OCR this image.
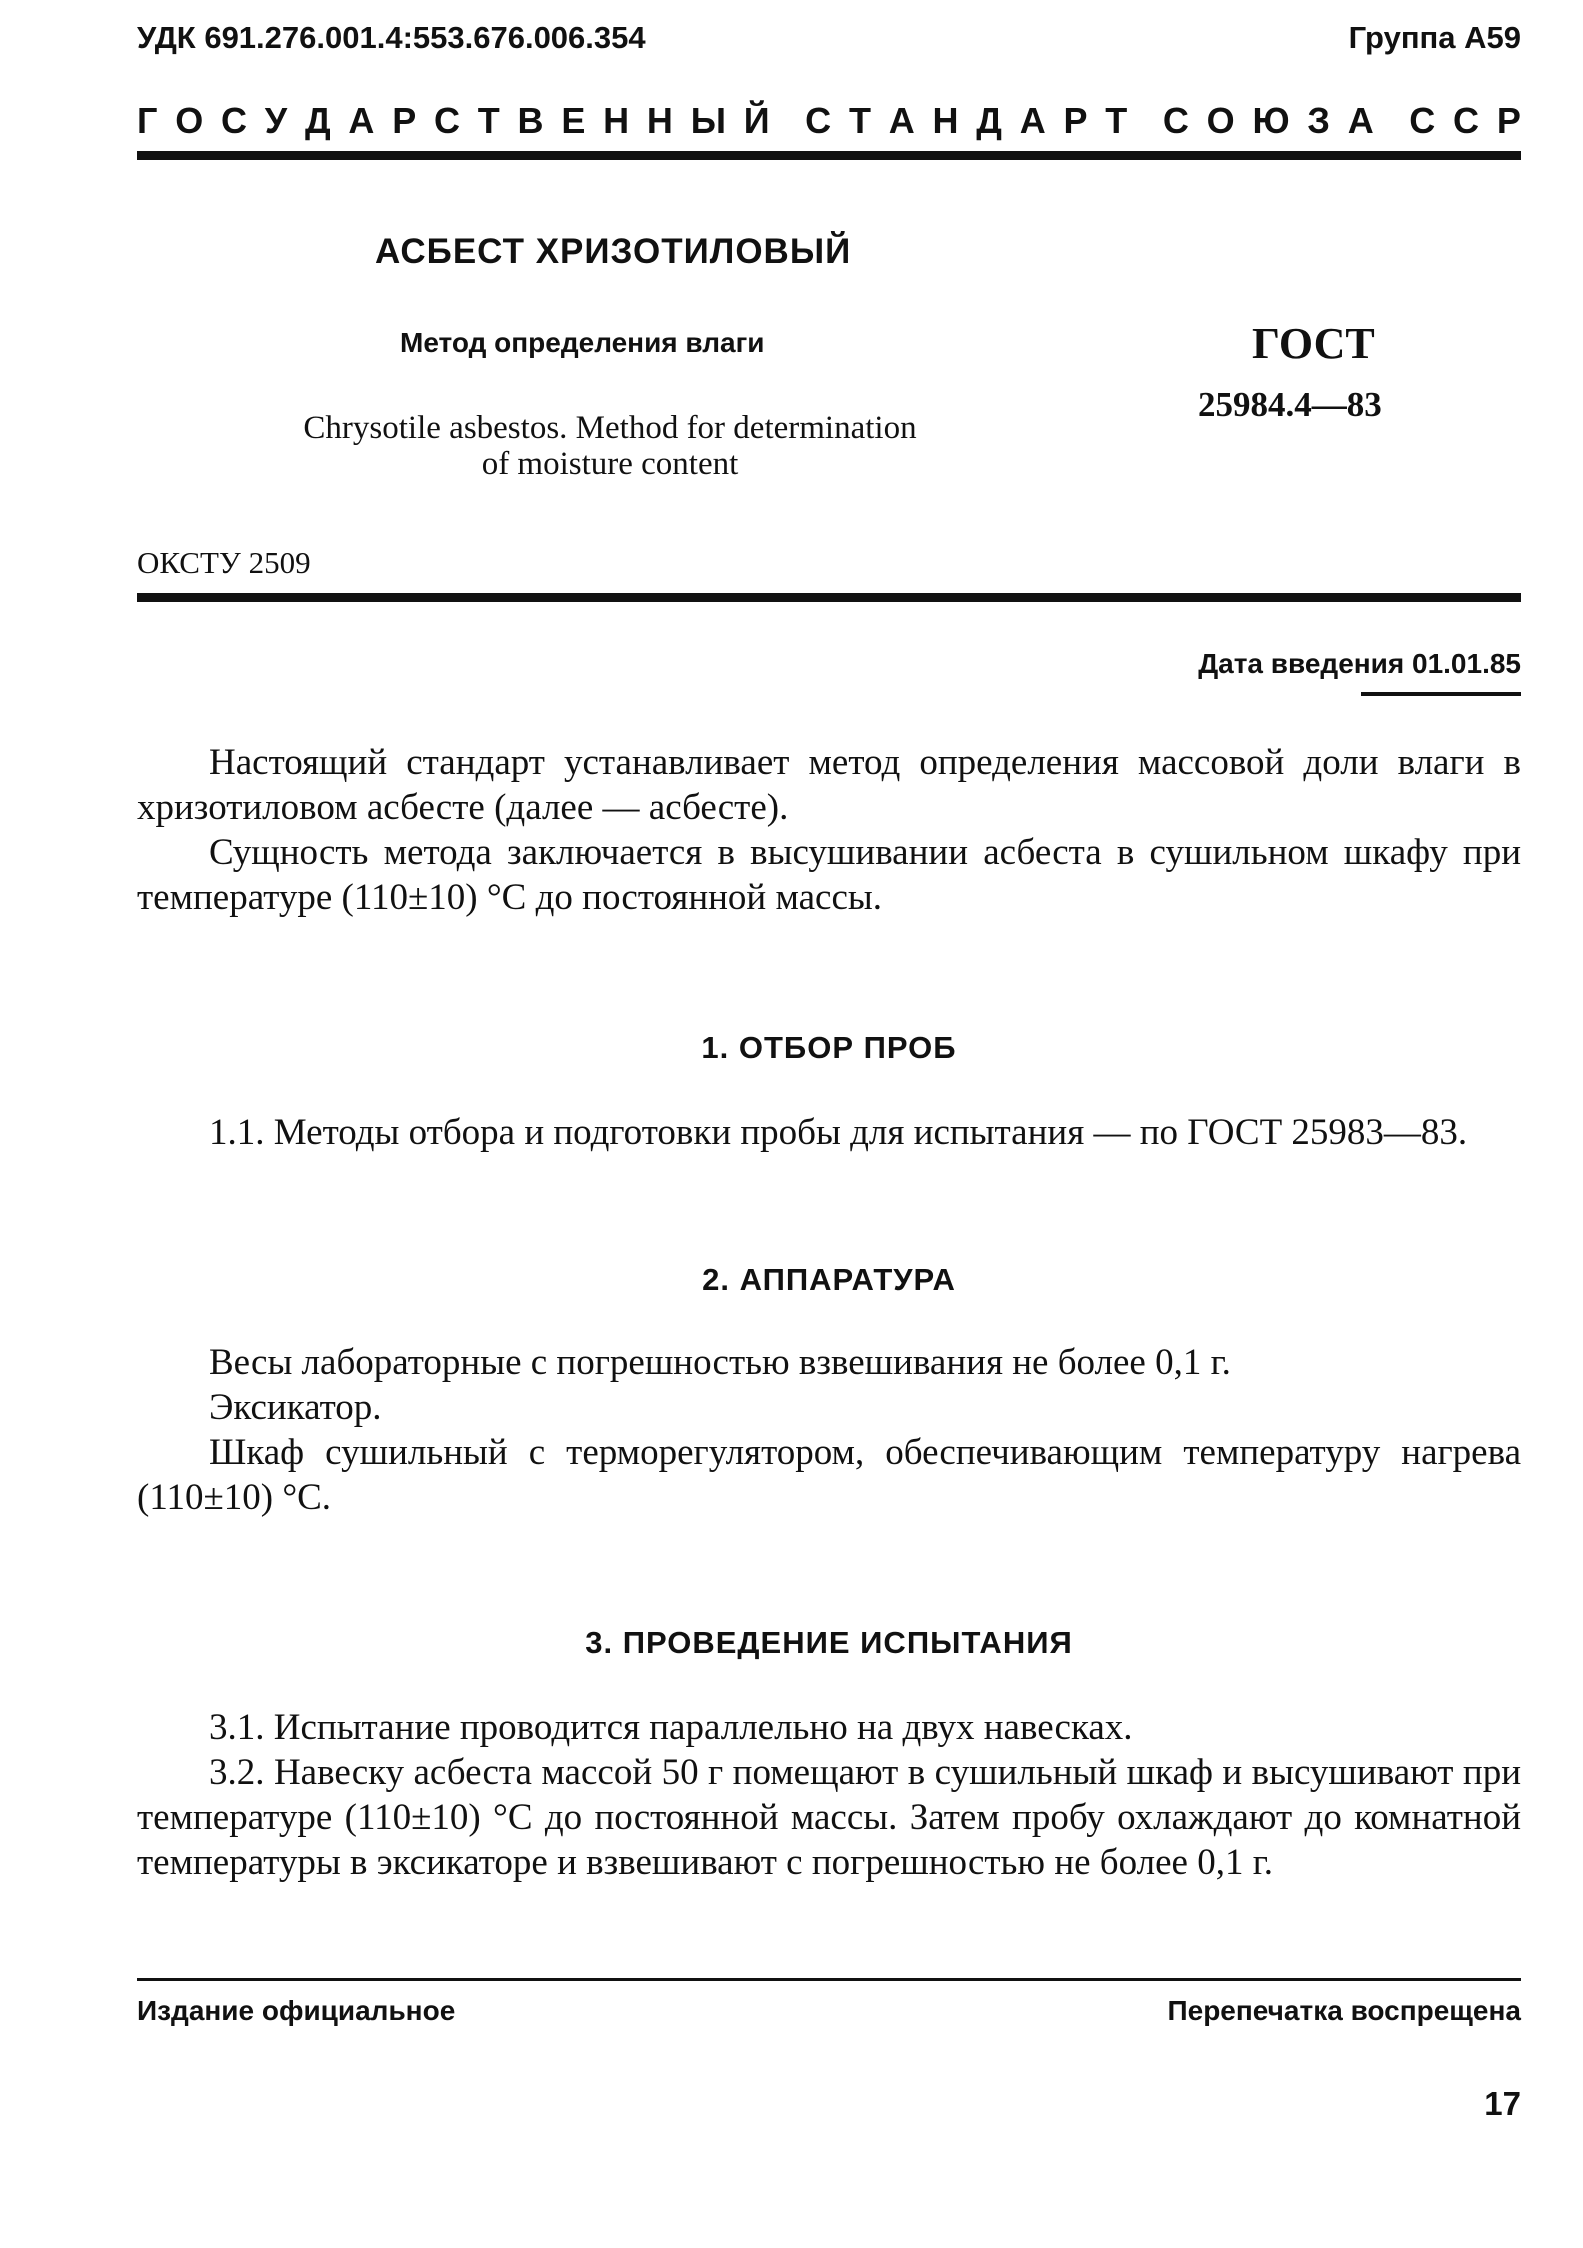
УДК 691.276.001.4:553.676.006.354	Группа А59
Г О С У Д А Р С Т В Е Н Н Ы Й С Т А Н Д А Р Т С О Ю З А С С Р
АСБЕСТ ХРИЗОТИЛОВЫЙ
Метод определения влаги
Chrysotile asbestos. Method for determination
of moisture content
ГОСТ
25984.4—83
ОКСТУ 2509
Дата введения 01.01.85

Настоящий стандарт устанавливает метод определения массовой доли влаги в хризотиловом асбесте (далее — асбесте).

Сущность метода заключается в высушивании асбеста в сушильном шкафу при температуре (110±10) °С до постоянной массы.

1. ОТБОР ПРОБ

1.1. Методы отбора и подготовки пробы для испытания — по ГОСТ 25983—83.

2. АППАРАТУРА

Весы лабораторные с погрешностью взвешивания не более 0,1 г.

Эксикатор.

Шкаф сушильный с терморегулятором, обеспечивающим температуру нагрева (110±10) °С.

3. ПРОВЕДЕНИЕ ИСПЫТАНИЯ

3.1. Испытание проводится параллельно на двух навесках.

3.2. Навеску асбеста массой 50 г помещают в сушильный шкаф и высушивают при температуре (110±10) °С до постоянной массы. Затем пробу охлаждают до комнатной температуры в эксикаторе и взвешивают с погрешностью не более 0,1 г.

Издание официальное	Перепечатка воспрещена
17
